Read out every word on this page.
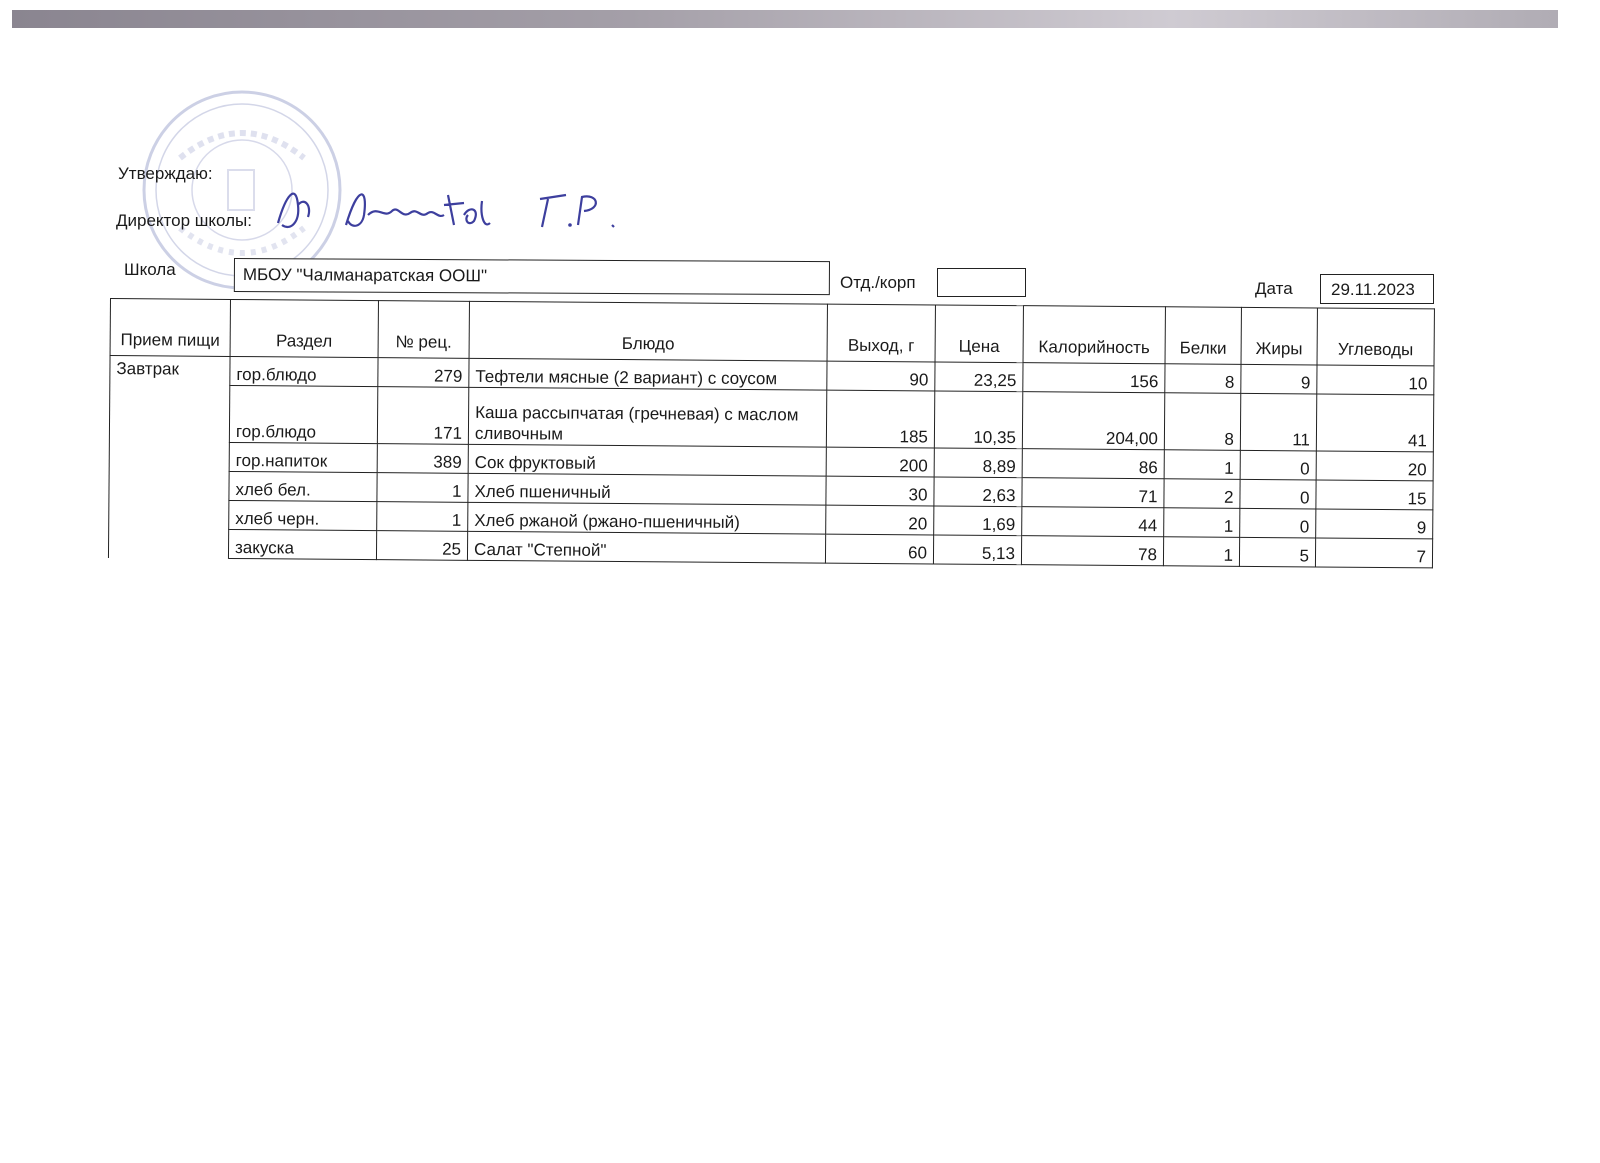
Утверждаю:
Директор школы:
Школа	МБОУ "Чалманаратская ООШ"	Отд./корп	Дата	29.11.2023
Прием пищи	Раздел	№ рец.	Блюдо	Выход, г	Цена	Калорийность	Белки	Жиры	Углеводы
Завтрак	гор.блюдо	279	Тефтели мясные (2 вариант) с соусом	90	23,25	156	8	9	10
	гор.блюдо	171	Каша рассыпчатая (гречневая) с маслом сливочным	185	10,35	204,00	8	11	41
	гор.напиток	389	Сок фруктовый	200	8,89	86	1	0	20
	хлеб бел.	1	Хлеб пшеничный	30	2,63	71	2	0	15
	хлеб черн.	1	Хлеб ржаной (ржано-пшеничный)	20	1,69	44	1	0	9
	закуска	25	Салат "Степной"	60	5,13	78	1	5	7
